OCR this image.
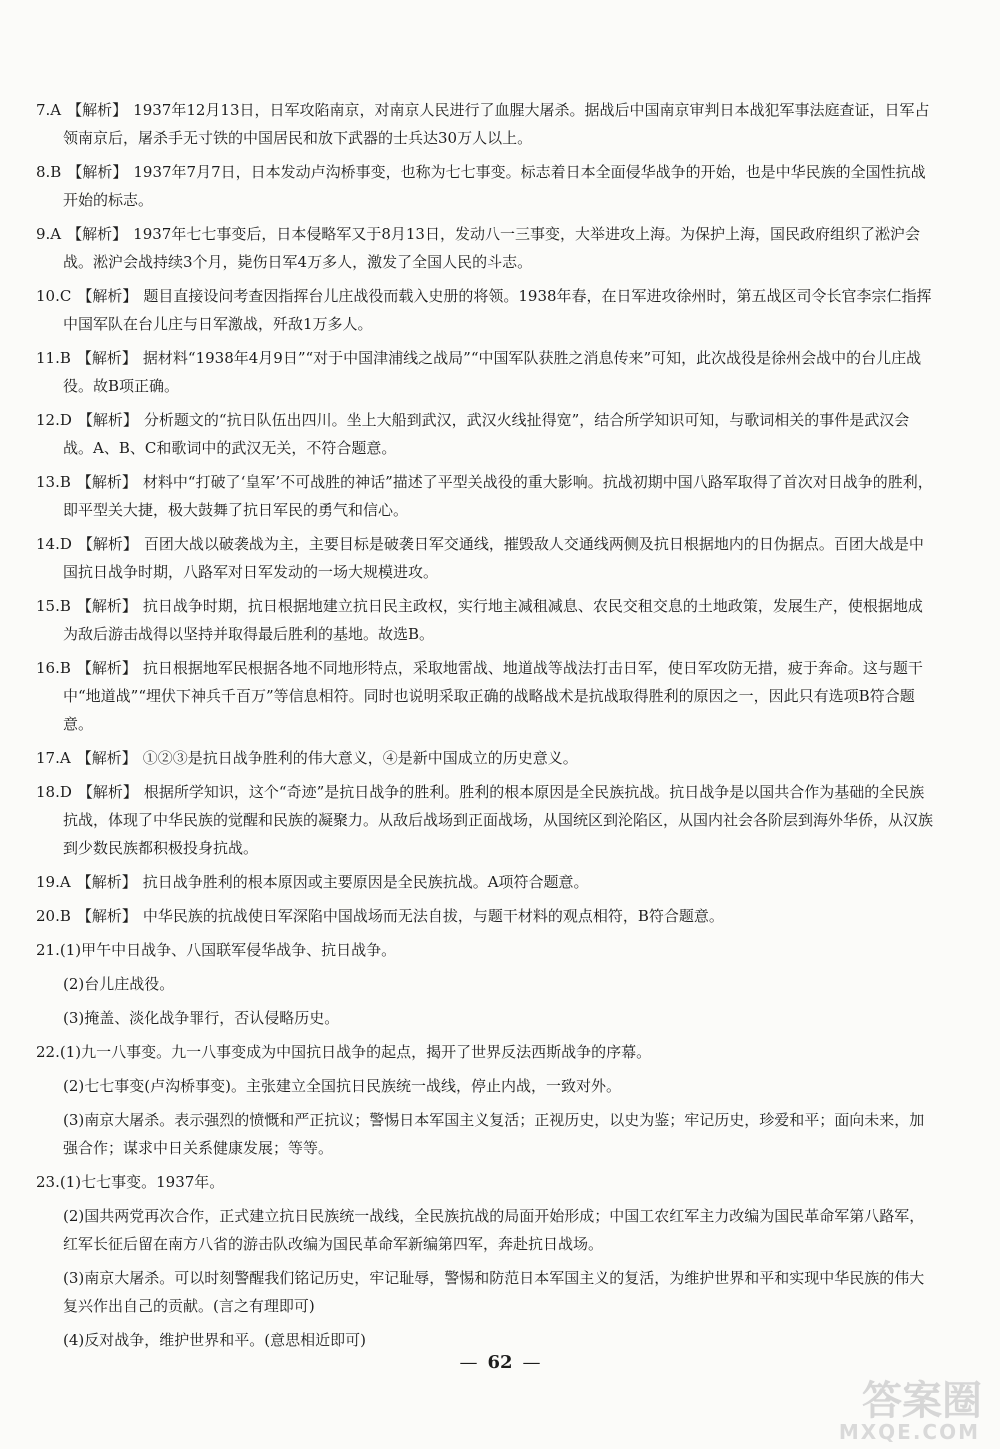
7.A 【解析】 1937年12月13日，日军攻陷南京，对南京人民进行了血腥大屠杀。据战后中国南京审判日本战犯军事法庭查证，日军占领南京后，屠杀手无寸铁的中国居民和放下武器的士兵达30万人以上。

8.B 【解析】 1937年7月7日，日本发动卢沟桥事变，也称为七七事变。标志着日本全面侵华战争的开始，也是中华民族的全国性抗战开始的标志。

9.A 【解析】 1937年七七事变后，日本侵略军又于8月13日，发动八一三事变，大举进攻上海。为保护上海，国民政府组织了淞沪会战。淞沪会战持续3个月，毙伤日军4万多人，激发了全国人民的斗志。

10.C 【解析】 题目直接设问考查因指挥台儿庄战役而载入史册的将领。1938年春，在日军进攻徐州时，第五战区司令长官李宗仁指挥中国军队在台儿庄与日军激战，歼敌1万多人。

11.B 【解析】 据材料“1938年4月9日”“对于中国津浦线之战局”“中国军队获胜之消息传来”可知，此次战役是徐州会战中的台儿庄战役。故B项正确。

12.D 【解析】 分析题文的“抗日队伍出四川。坐上大船到武汉，武汉火线扯得宽”，结合所学知识可知，与歌词相关的事件是武汉会战。A、B、C和歌词中的武汉无关，不符合题意。

13.B 【解析】 材料中“打破了‘皇军’不可战胜的神话”描述了平型关战役的重大影响。抗战初期中国八路军取得了首次对日战争的胜利，即平型关大捷，极大鼓舞了抗日军民的勇气和信心。

14.D 【解析】 百团大战以破袭战为主，主要目标是破袭日军交通线，摧毁敌人交通线两侧及抗日根据地内的日伪据点。百团大战是中国抗日战争时期，八路军对日军发动的一场大规模进攻。

15.B 【解析】 抗日战争时期，抗日根据地建立抗日民主政权，实行地主减租减息、农民交租交息的土地政策，发展生产，使根据地成为敌后游击战得以坚持并取得最后胜利的基地。故选B。

16.B 【解析】 抗日根据地军民根据各地不同地形特点，采取地雷战、地道战等战法打击日军，使日军攻防无措，疲于奔命。这与题干中“地道战”“埋伏下神兵千百万”等信息相符。同时也说明采取正确的战略战术是抗战取得胜利的原因之一，因此只有选项B符合题意。

17.A 【解析】 ①②③是抗日战争胜利的伟大意义，④是新中国成立的历史意义。

18.D 【解析】 根据所学知识，这个“奇迹”是抗日战争的胜利。胜利的根本原因是全民族抗战。抗日战争是以国共合作为基础的全民族抗战，体现了中华民族的觉醒和民族的凝聚力。从敌后战场到正面战场，从国统区到沦陷区，从国内社会各阶层到海外华侨，从汉族到少数民族都积极投身抗战。

19.A 【解析】 抗日战争胜利的根本原因或主要原因是全民族抗战。A项符合题意。

20.B 【解析】 中华民族的抗战使日军深陷中国战场而无法自拔，与题干材料的观点相符，B符合题意。

21.(1)甲午中日战争、八国联军侵华战争、抗日战争。

(2)台儿庄战役。

(3)掩盖、淡化战争罪行，否认侵略历史。

22.(1)九一八事变。九一八事变成为中国抗日战争的起点，揭开了世界反法西斯战争的序幕。

(2)七七事变(卢沟桥事变)。主张建立全国抗日民族统一战线，停止内战，一致对外。

(3)南京大屠杀。表示强烈的愤慨和严正抗议；警惕日本军国主义复活；正视历史，以史为鉴；牢记历史，珍爱和平；面向未来，加强合作；谋求中日关系健康发展；等等。

23.(1)七七事变。1937年。

(2)国共两党再次合作，正式建立抗日民族统一战线，全民族抗战的局面开始形成；中国工农红军主力改编为国民革命军第八路军，红军长征后留在南方八省的游击队改编为国民革命军新编第四军，奔赴抗日战场。

(3)南京大屠杀。可以时刻警醒我们铭记历史，牢记耻辱，警惕和防范日本军国主义的复活，为维护世界和平和实现中华民族的伟大复兴作出自己的贡献。(言之有理即可)

(4)反对战争，维护世界和平。(意思相近即可)

— 62 —
答案圈
MXQE.COM
